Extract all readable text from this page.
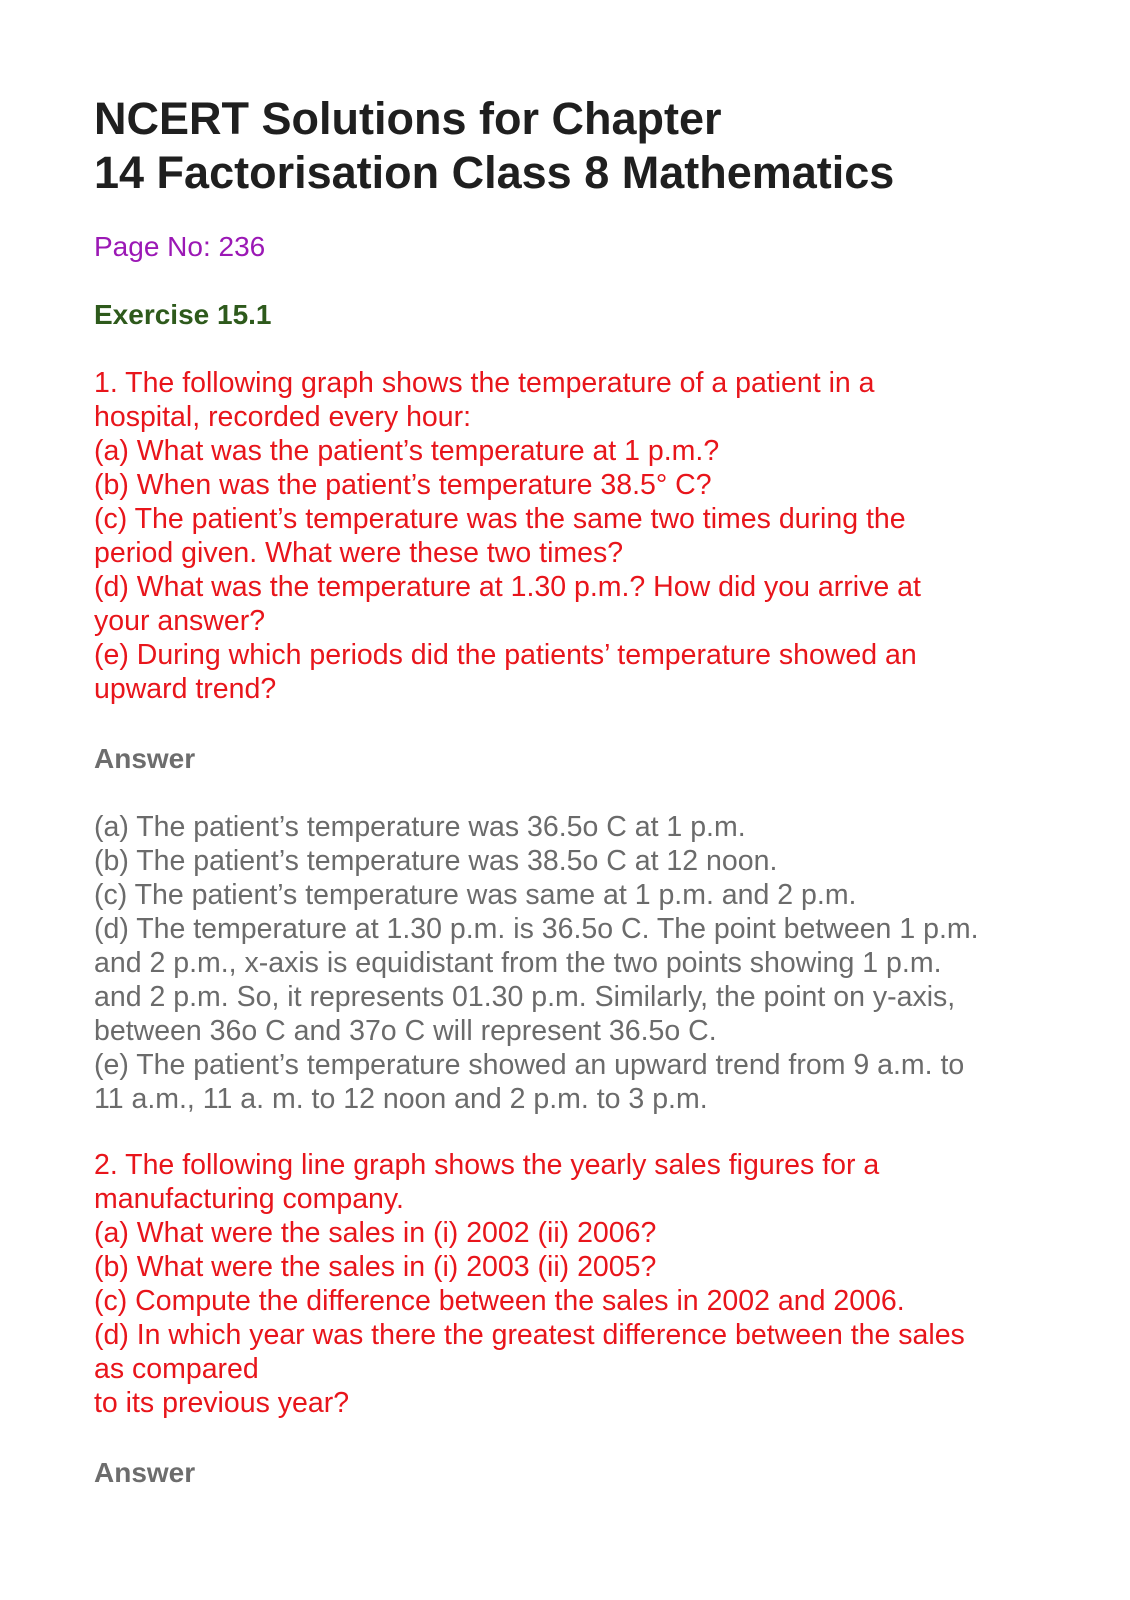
NCERT Solutions for Chapter
14 Factorisation Class 8 Mathematics
Page No: 236
Exercise 15.1
1. The following graph shows the temperature of a patient in a
hospital, recorded every hour:
(a) What was the patient’s temperature at 1 p.m.?
(b) When was the patient’s temperature 38.5° C?
(c) The patient’s temperature was the same two times during the
period given. What were these two times?
(d) What was the temperature at 1.30 p.m.? How did you arrive at
your answer?
(e) During which periods did the patients’ temperature showed an
upward trend?
Answer
(a) The patient’s temperature was 36.5o C at 1 p.m.
(b) The patient’s temperature was 38.5o C at 12 noon.
(c) The patient’s temperature was same at 1 p.m. and 2 p.m.
(d) The temperature at 1.30 p.m. is 36.5o C. The point between 1 p.m.
and 2 p.m., x-axis is equidistant from the two points showing 1 p.m.
and 2 p.m. So, it represents 01.30 p.m. Similarly, the point on y-axis,
between 36o C and 37o C will represent 36.5o C.
(e) The patient’s temperature showed an upward trend from 9 a.m. to
11 a.m., 11 a. m. to 12 noon and 2 p.m. to 3 p.m.
2. The following line graph shows the yearly sales figures for a
manufacturing company.
(a) What were the sales in (i) 2002 (ii) 2006?
(b) What were the sales in (i) 2003 (ii) 2005?
(c) Compute the difference between the sales in 2002 and 2006.
(d) In which year was there the greatest difference between the sales
as compared
to its previous year?
Answer
